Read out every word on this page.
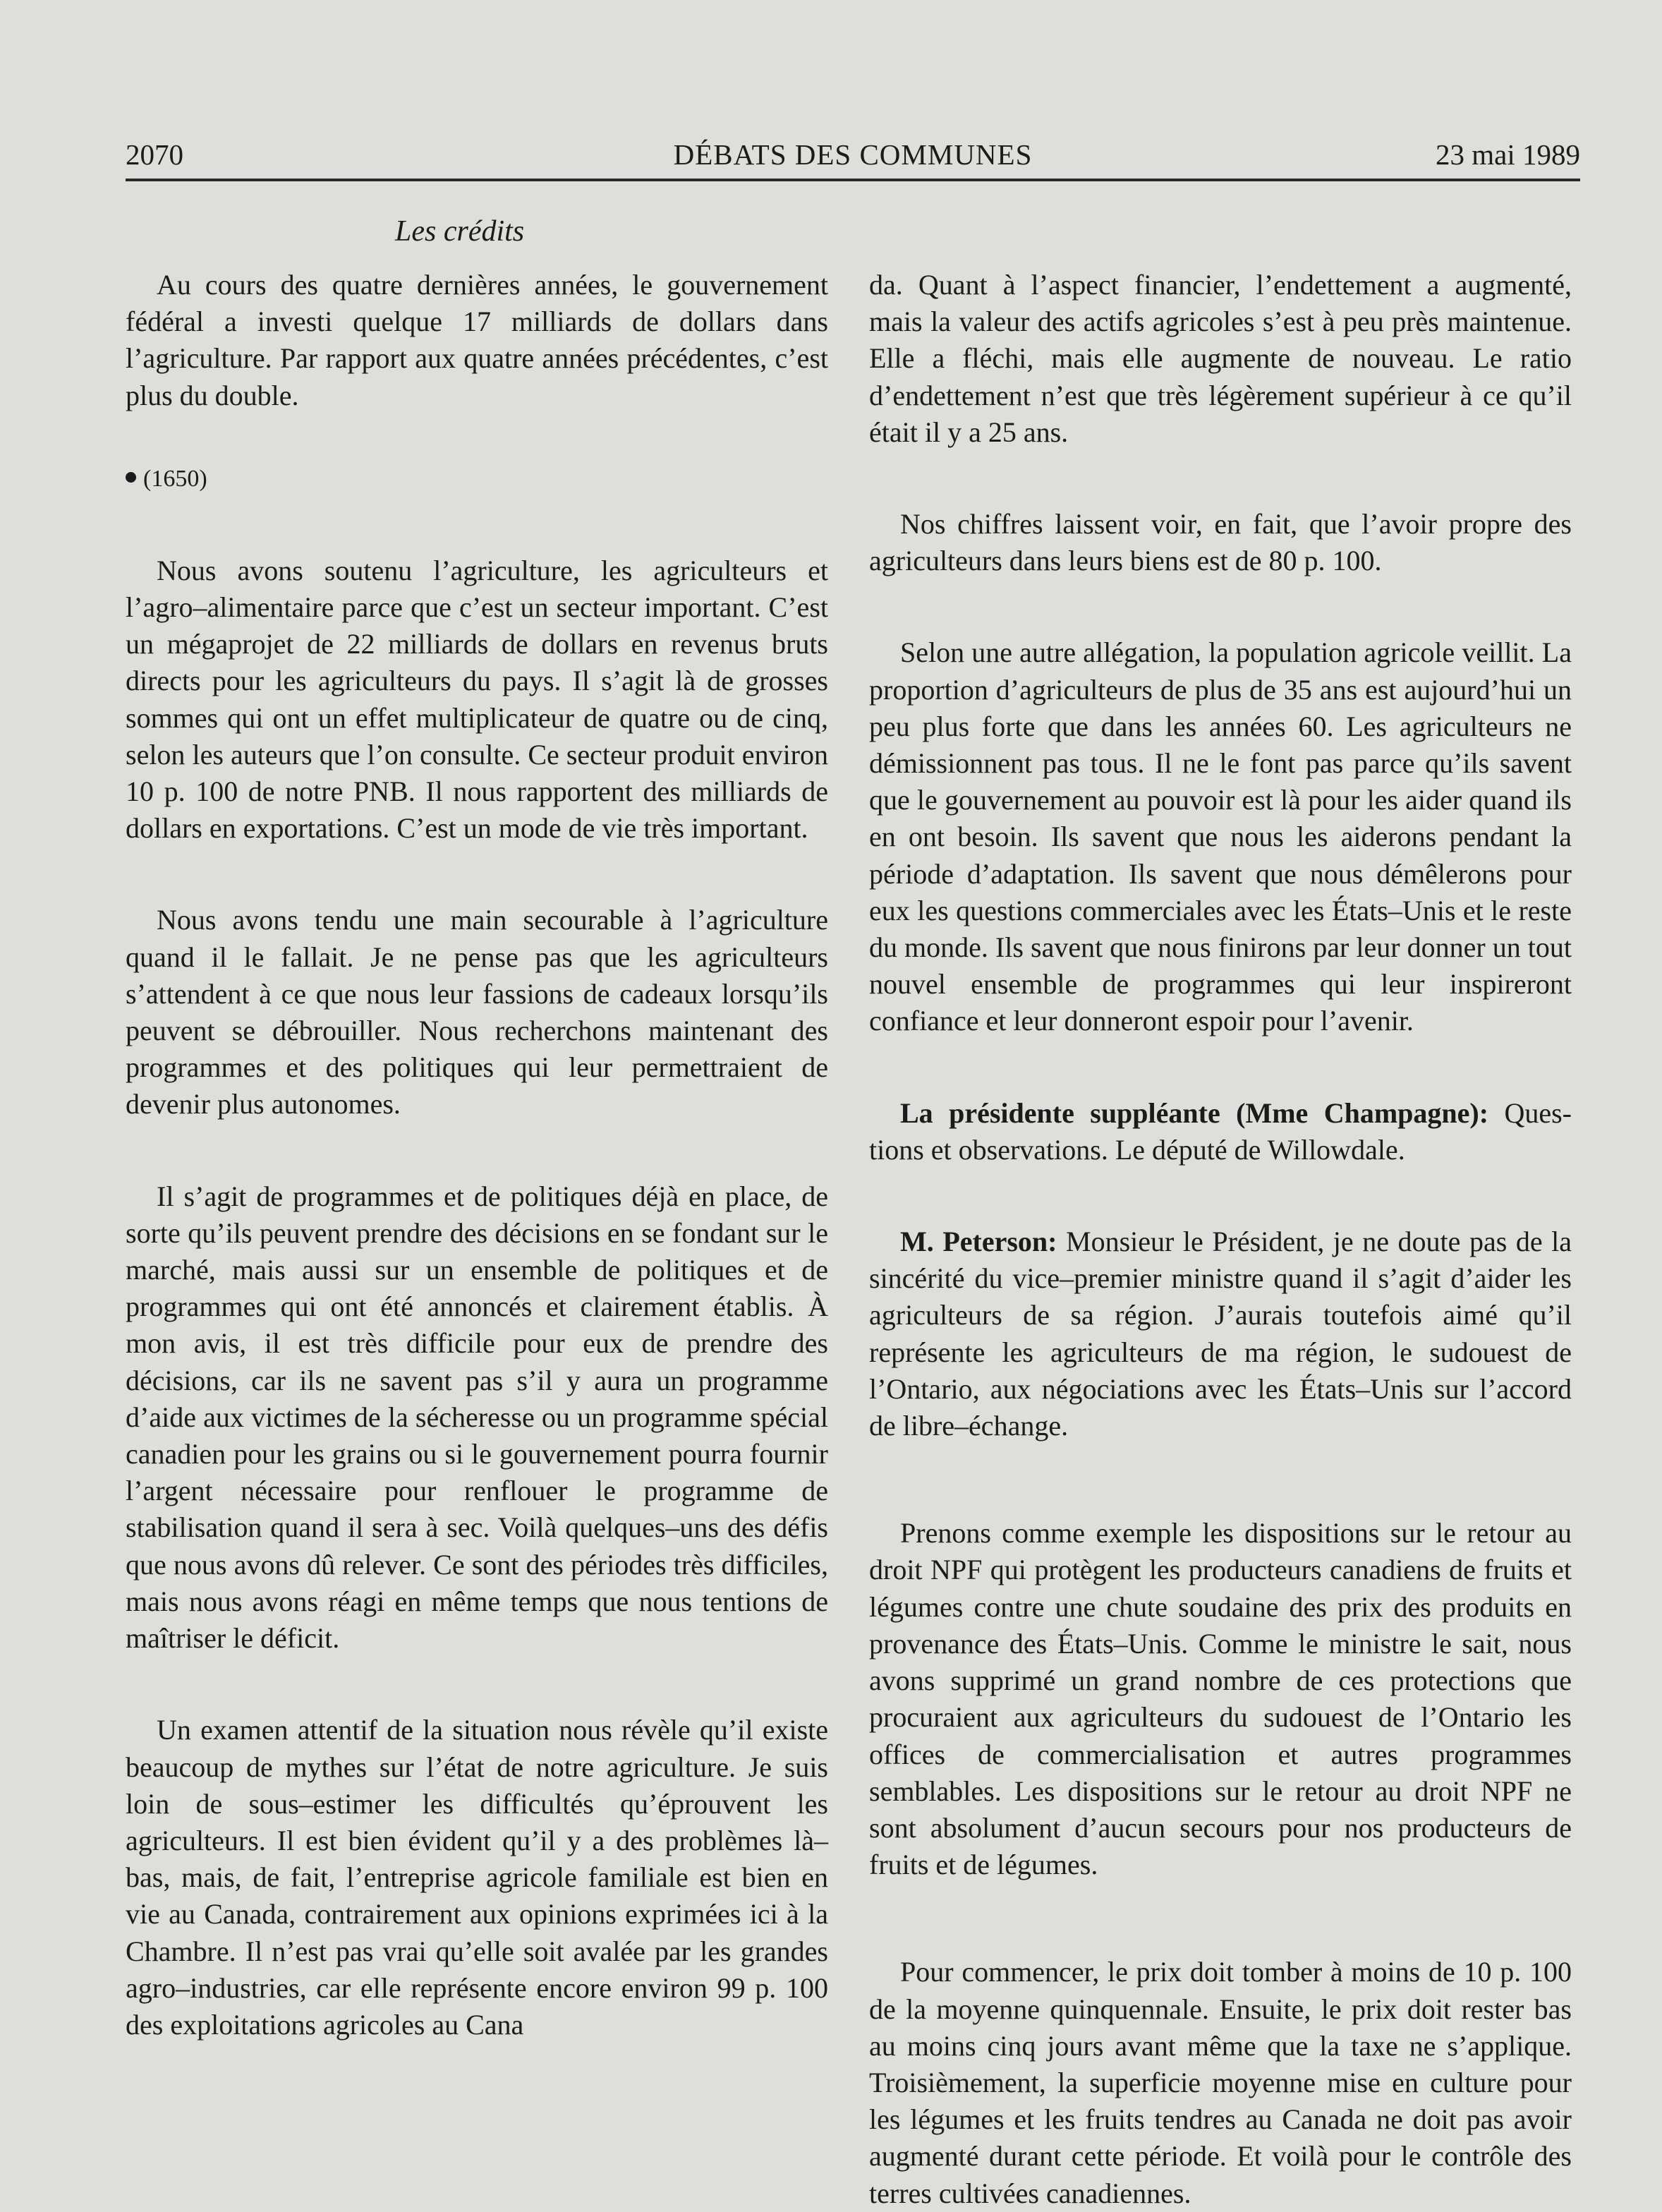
2070	DÉBATS DES COMMUNES	23 mai 1989
Les crédits

Au cours des quatre dernières années, le gouvernement fédéral a investi quelque 17 milliards de dollars dans l’agriculture. Par rapport aux quatre années précédentes, c’est plus du double.

(1650)

Nous avons soutenu l’agriculture, les agriculteurs et l’agro–alimentaire parce que c’est un secteur important. C’est un mégaprojet de 22 milliards de dollars en revenus bruts directs pour les agriculteurs du pays. Il s’agit là de grosses sommes qui ont un effet multiplicateur de quatre ou de cinq, selon les auteurs que l’on consulte. Ce secteur produit environ 10 p. 100 de notre PNB. Il nous rapportent des milliards de dollars en exportations. C’est un mode de vie très important.

Nous avons tendu une main secourable à l’agriculture quand il le fallait. Je ne pense pas que les agriculteurs s’attendent à ce que nous leur fassions de cadeaux lorsqu’ils peuvent se débrouiller. Nous recherchons maintenant des programmes et des politiques qui leur permettraient de devenir plus autonomes.

Il s’agit de programmes et de politiques déjà en place, de sorte qu’ils peuvent prendre des décisions en se fondant sur le marché, mais aussi sur un ensemble de politiques et de programmes qui ont été annoncés et clairement établis. À mon avis, il est très difficile pour eux de prendre des décisions, car ils ne savent pas s’il y aura un programme d’aide aux victimes de la sécheresse ou un programme spécial canadien pour les grains ou si le gouvernement pourra fournir l’argent nécessaire pour renflouer le programme de stabilisation quand il sera à sec. Voilà quelques–uns des défis que nous avons dû relever. Ce sont des périodes très difficiles, mais nous avons réagi en même temps que nous tentions de maîtriser le déficit.

Un examen attentif de la situation nous révèle qu’il existe beaucoup de mythes sur l’état de notre agriculture. Je suis loin de sous–estimer les difficultés qu’éprouvent les agriculteurs. Il est bien évident qu’il y a des problèmes là–bas, mais, de fait, l’entreprise agricole familiale est bien en vie au Canada, contrairement aux opinions exprimées ici à la Chambre. Il n’est pas vrai qu’elle soit avalée par les grandes agro–industries, car elle représente encore environ 99 p. 100 des exploitations agricoles au Cana

da. Quant à l’aspect financier, l’endettement a augmenté, mais la valeur des actifs agricoles s’est à peu près maintenue. Elle a fléchi, mais elle augmente de nouveau. Le ratio d’endettement n’est que très légèrement supérieur à ce qu’il était il y a 25 ans.

Nos chiffres laissent voir, en fait, que l’avoir propre des agriculteurs dans leurs biens est de 80 p. 100.

Selon une autre allégation, la population agricole veillit. La proportion d’agriculteurs de plus de 35 ans est aujourd’hui un peu plus forte que dans les années 60. Les agriculteurs ne démissionnent pas tous. Il ne le font pas parce qu’ils savent que le gouvernement au pouvoir est là pour les aider quand ils en ont besoin. Ils savent que nous les aiderons pendant la période d’adaptation. Ils savent que nous démêlerons pour eux les questions commerciales avec les États–Unis et le reste du monde. Ils savent que nous finirons par leur donner un tout nouvel ensemble de programmes qui leur inspireront confiance et leur donneront espoir pour l’avenir.

La présidente suppléante (Mme Champagne): Questions et observations. Le député de Willowdale.

M. Peterson: Monsieur le Président, je ne doute pas de la sincérité du vice–premier ministre quand il s’agit d’aider les agriculteurs de sa région. J’aurais toutefois aimé qu’il représente les agriculteurs de ma région, le sudouest de l’Ontario, aux négociations avec les États–Unis sur l’accord de libre–échange.

Prenons comme exemple les dispositions sur le retour au droit NPF qui protègent les producteurs canadiens de fruits et légumes contre une chute soudaine des prix des produits en provenance des États–Unis. Comme le ministre le sait, nous avons supprimé un grand nombre de ces protections que procuraient aux agriculteurs du sudouest de l’Ontario les offices de commercialisation et autres programmes semblables. Les dispositions sur le retour au droit NPF ne sont absolument d’aucun secours pour nos producteurs de fruits et de légumes.

Pour commencer, le prix doit tomber à moins de 10 p. 100 de la moyenne quinquennale. Ensuite, le prix doit rester bas au moins cinq jours avant même que la taxe ne s’applique. Troisièmement, la superficie moyenne mise en culture pour les légumes et les fruits tendres au Canada ne doit pas avoir augmenté durant cette période. Et voilà pour le contrôle des terres cultivées canadiennes.
